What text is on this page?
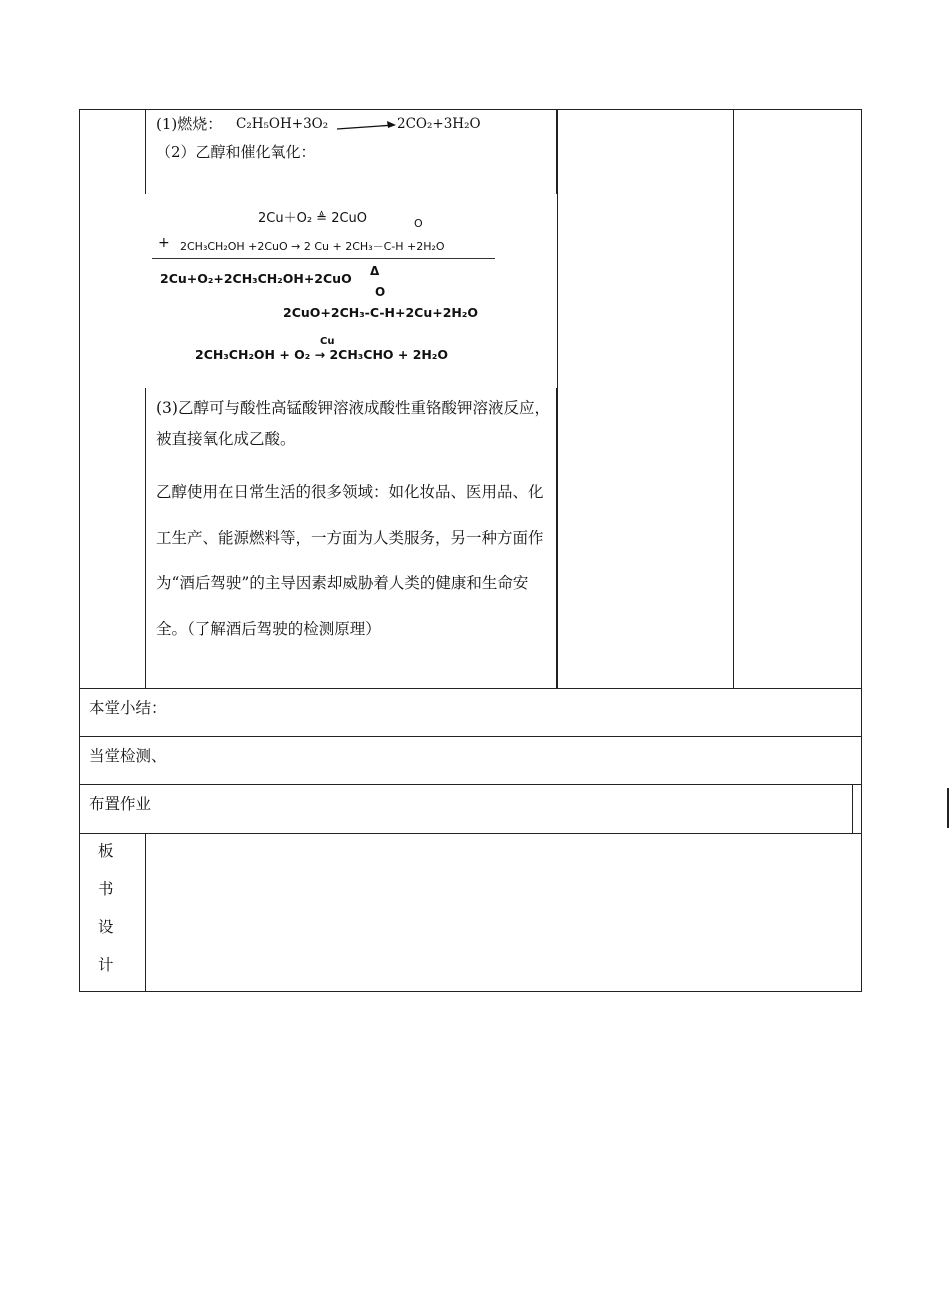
(1)燃烧： C₂H₅OH+3O₂	2CO₂+3H₂O
（2）乙醇和催化氧化：
2Cu＋O₂ ≜ 2CuO
+ 2CH₃CH₂OH +2CuO → 2 Cu + 2CH₃－C-H +2H₂O
O
2Cu+O₂+2CH₃CH₂OH+2CuO Δ
O
2CuO+2CH₃-C-H+2Cu+2H₂O
2CH₃CH₂OH + O₂ → 2CH₃CHO + 2H₂O
Cu
(3)乙醇可与酸性高锰酸钾溶液成酸性重铬酸钾溶液反应，被直接氧化成乙酸。
乙醇使用在日常生活的很多领域：如化妆品、医用品、化工生产、能源燃料等，一方面为人类服务，另一种方面作为“酒后驾驶”的主导因素却威胁着人类的健康和生命安全。（了解酒后驾驶的检测原理）
本堂小结：
当堂检测、
布置作业
板
书
设
计
